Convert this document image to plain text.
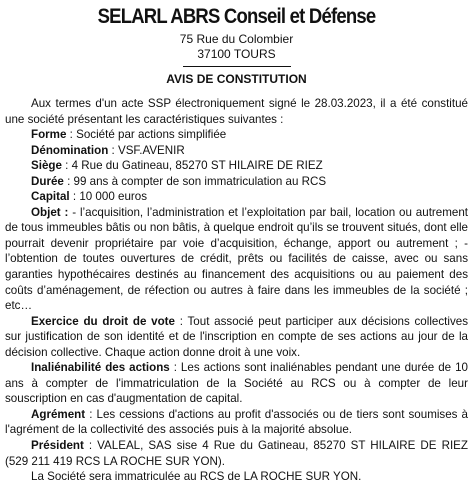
SELARL ABRS Conseil et Défense
75 Rue du Colombier
37100 TOURS
AVIS DE CONSTITUTION

Aux termes d'un acte SSP électroniquement signé le 28.03.2023, il a été constitué une société présentant les caractéristiques suivantes :

Forme : Société par actions simplifiée

Dénomination : VSF.AVENIR

Siège : 4 Rue du Gatineau, 85270 ST HILAIRE DE RIEZ

Durée : 99 ans à compter de son immatriculation au RCS

Capital : 10 000 euros

Objet : - l’acquisition, l’administration et l’exploitation par bail, location ou autrement de tous immeubles bâtis ou non bâtis, à quelque endroit qu’ils se trouvent situés, dont elle pourrait devenir propriétaire par voie d’acquisition, échange, apport ou autrement ; - l’obtention de toutes ouvertures de crédit, prêts ou facilités de caisse, avec ou sans garanties hypothécaires destinés au financement des acquisitions ou au paiement des coûts d’aménagement, de réfection ou autres à faire dans les immeubles de la société ; etc…

Exercice du droit de vote : Tout associé peut participer aux décisions collectives sur justification de son identité et de l'inscription en compte de ses actions au jour de la décision collective. Chaque action donne droit à une voix.

Inaliénabilité des actions : Les actions sont inaliénables pendant une durée de 10 ans à compter de l'immatriculation de la Société au RCS ou à compter de leur souscription en cas d'augmentation de capital.

Agrément : Les cessions d'actions au profit d'associés ou de tiers sont soumises à l'agrément de la collectivité des associés puis à la majorité absolue.

Président : VALEAL, SAS sise 4 Rue du Gatineau, 85270 ST HILAIRE DE RIEZ (529 211 419 RCS LA ROCHE SUR YON).

La Société sera immatriculée au RCS de LA ROCHE SUR YON.
